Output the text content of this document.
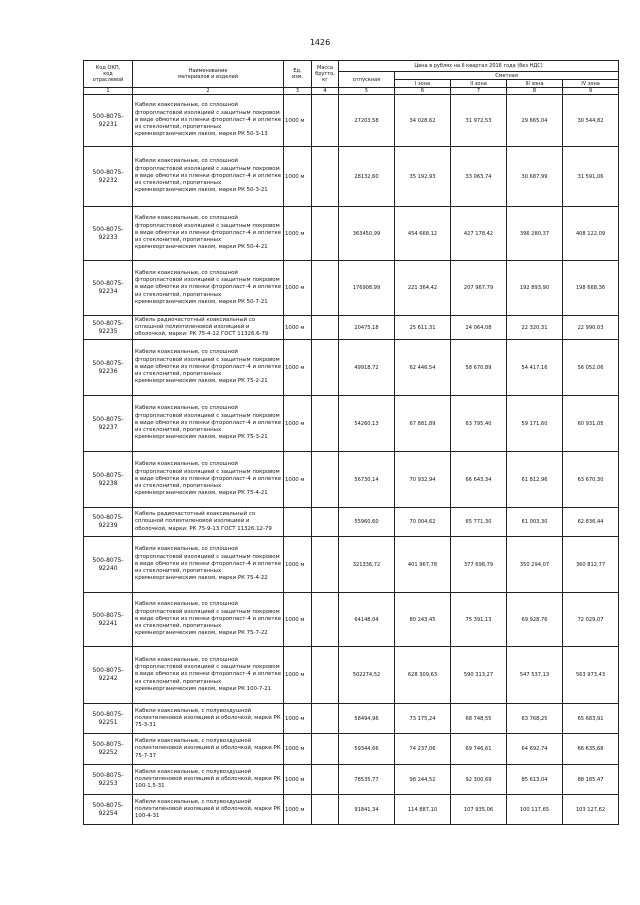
1426
Код ОКП,
код
отраслевой	Наименование
материалов и изделий	Ед.
изм.	Масса
брутто,
кг	Цена в рублях на II квартал 2016 года (без НДС)				
				отпускная	Сметная			
					I зона	II зона	III зона	IV зона
1	2	3	4	5	6	7	8	9
500-8075-92231	Кабели коаксиальные, со сплошной фторопластовой изоляцией с защитным покровом в виде обмотки из пленки фторопласт-4 и оплетке из стеклонитей, пропитанных кремнеорганическим лаком, марки РК 50-3-13	1000 м		27203,58	34 028,62	31 972,53	29 665,04	30 544,82
500-8075-92232	Кабели коаксиальные, со сплошной фторопластовой изоляцией с защитным покровом в виде обмотки из пленки фторопласт-4 и оплетке из стеклонитей, пропитанных кремнеорганическим лаком, марки РК 50-3-21	1000 м		28132,60	35 192,93	33 063,74	30 687,99	31 591,06
500-8075-92233	Кабели коаксиальные, со сплошной фторопластовой изоляцией с защитным покровом в виде обмотки из пленки фторопласт-4 и оплетке из стеклонитей, пропитанных кремнеорганическим лаком, марки РК 50-4-21	1000 м		363450,99	454 668,12	427 178,42	396 280,37	408 122,09
500-8075-92234	Кабели коаксиальные, со сплошной фторопластовой изоляцией с защитным покровом в виде обмотки из пленки фторопласт-4 и оплетке из стеклонитей, пропитанных кремнеорганическим лаком, марки РК 50-7-21	1000 м		176908,99	221 364,42	207 967,79	192 893,90	198 668,36
500-8075-92235	Кабель радиочастотный коаксиальный со сплошной полиэтиленовой изоляцией и оболочкой, марки: РК 75-4-12 ГОСТ 11326.6-79	1000 м		20475,18	25 611,31	24 064,08	22 320,31	22 990,03
500-8075-92236	Кабели коаксиальные, со сплошной фторопластовой изоляцией с защитным покровом в виде обмотки из пленки фторопласт-4 и оплетке из стеклонитей, пропитанных кремнеорганическим лаком, марки РК 75-2-21	1000 м		49918,72	62 446,54	58 670,89	54 417,16	56 052,06
500-8075-92237	Кабели коаксиальные, со сплошной фторопластовой изоляцией с защитным покровом в виде обмотки из пленки фторопласт-4 и оплетке из стеклонитей, пропитанных кремнеорганическим лаком, марки РК 75-3-21	1000 м		54260,13	67 881,89	63 795,40	59 171,60	60 931,05
500-8075-92238	Кабели коаксиальные, со сплошной фторопластовой изоляцией с защитным покровом в виде обмотки из пленки фторопласт-4 и оплетке из стеклонитей, пропитанных кремнеорганическим лаком, марки РК 75-4-21	1000 м		56730,14	70 932,94	66 643,34	61 812,96	63 670,30
500-8075-92239	Кабель радиочастотный коаксиальный со сплошной полиэтиленовой изоляцией и оболочкой, марки: РК 75-9-13 ГОСТ 11326.12-79			55960,60	70 004,62	65 771,30	61 003,30	62 836,44
500-8075-92240	Кабели коаксиальные, со сплошной фторопластовой изоляцией с защитным покровом в виде обмотки из пленки фторопласт-4 и оплетке из стеклонитей, пропитанных кремнеорганическим лаком, марки РК 75-4-22	1000 м		321336,72	401 967,78	377 698,79	350 294,07	360 812,77
500-8075-92241	Кабели коаксиальные, со сплошной фторопластовой изоляцией с защитным покровом в виде обмотки из пленки фторопласт-4 и оплетке из стеклонитей, пропитанных кремнеорганическим лаком, марки РК 75-7-22	1000 м		64148,04	80 243,45	75 391,13	69 928,76	72 029,07
500-8075-92242	Кабели коаксиальные, со сплошной фторопластовой изоляцией с защитным покровом в виде обмотки из пленки фторопласт-4 и оплетке из стеклонитей, пропитанных кремнеорганическим лаком, марки РК 100-7-21	1000 м		502274,52	628 309,63	590 313,27	547 537,13	563 973,43
500-8075-92251	Кабели коаксиальные, с полувоздушной полиэтиленовой изоляцией и оболочкой, марки РК 75-3-31	1000 м		58494,96	73 175,24	68 748,55	63 768,25	65 683,91
500-8075-92252	Кабели коаксиальные, с полувоздушной полиэтиленовой изоляцией и оболочкой, марки РК 75-7-37	1000 м		59344,66	74 237,06	69 746,61	64 692,74	66 635,68
500-8075-92253	Кабели коаксиальные, с полувоздушной полиэтиленовой изоляцией и оболочкой, марки РК 100-1,5-31	1000 м		78535,77	98 244,52	92 300,69	85 613,04	88 185,47
500-8075-92254	Кабели коаксиальные, с полувоздушной полиэтиленовой изоляцией и оболочкой, марки РК 100-4-31	1000 м		91841,34	114 887,10	107 935,06	100 117,65	103 127,62
